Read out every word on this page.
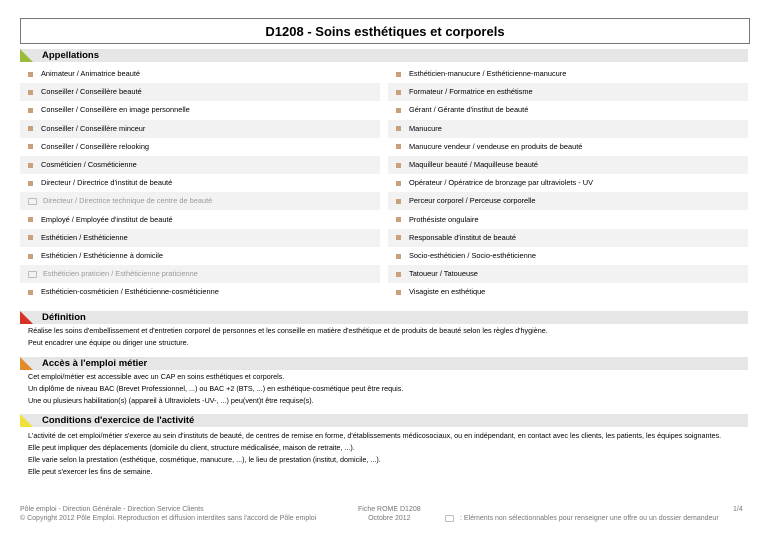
D1208 - Soins esthétiques et corporels
Appellations
Animateur / Animatrice beauté
Conseiller / Conseillère beauté
Conseiller / Conseillère en image personnelle
Conseiller / Conseillère minceur
Conseiller / Conseillère relooking
Cosméticien / Cosméticienne
Directeur / Directrice d'institut de beauté
Directeur / Directrice technique de centre de beauté
Employé / Employée d'institut de beauté
Esthéticien / Esthéticienne
Esthéticien / Esthéticienne à domicile
Esthéticien praticien / Esthéticienne praticienne
Esthéticien-cosméticien / Esthéticienne-cosméticienne
Esthéticien-manucure / Esthéticienne-manucure
Formateur / Formatrice en esthétisme
Gérant / Gérante d'institut de beauté
Manucure
Manucure vendeur / vendeuse en produits de beauté
Maquilleur beauté / Maquilleuse beauté
Opérateur / Opératrice de bronzage par ultraviolets - UV
Perceur corporel / Perceuse corporelle
Prothésiste ongulaire
Responsable d'institut de beauté
Socio-esthéticien / Socio-esthéticienne
Tatoueur / Tatoueuse
Visagiste en esthétique
Définition
Réalise les soins d'embellissement et d'entretien corporel de personnes et les conseille en matière d'esthétique et de produits de beauté selon les règles d'hygiène.
Peut encadrer une équipe ou diriger une structure.
Accès à l'emploi métier
Cet emploi/métier est accessible avec un CAP en soins esthétiques et corporels.
Un diplôme de niveau BAC (Brevet Professionnel, ...) ou BAC +2 (BTS, ...) en esthétique-cosmétique peut être requis.
Une ou plusieurs habilitation(s) (appareil à Ultraviolets -UV-, ...) peu(vent)t être requise(s).
Conditions d'exercice de l'activité
L'activité de cet emploi/métier s'exerce au sein d'instituts de beauté, de centres de remise en forme, d'établissements médicosociaux, ou en indépendant, en contact avec les clients, les patients, les équipes soignantes.
Elle peut impliquer des déplacements (domicile du client, structure médicalisée, maison de retraite, ...).
Elle varie selon la prestation (esthétique, cosmétique, manucure, ...), le lieu de prestation (institut, domicile, ...).
Elle peut s'exercer les fins de semaine.
Pôle emploi - Direction Générale - Direction Service Clients
© Copyright 2012 Pôle Emploi. Reproduction et diffusion interdites sans l'accord de Pôle emploi
Fiche ROME D1208
Octobre 2012	: Eléments non sélectionnables pour renseigner une offre ou un dossier demandeur
1/4
